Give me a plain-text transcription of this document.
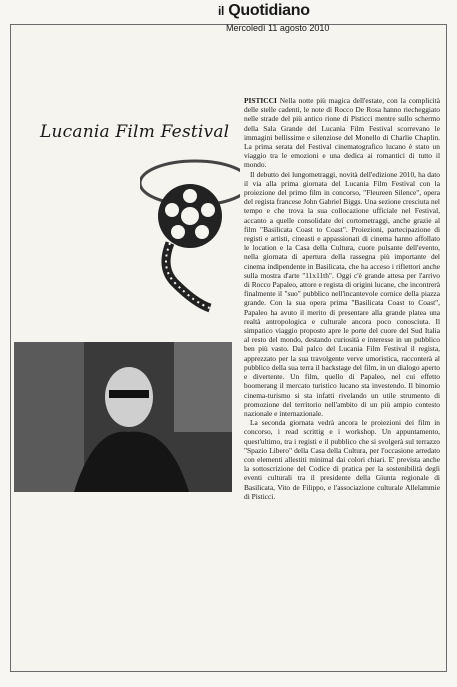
il Quotidiano
Mercoledì 11 agosto 2010
Lucania Film Festival

PISTICCI Nella notte più magica dell'estate, con la complicità delle stelle cadenti, le note di Rocco De Rosa hanno riecheggiato nelle strade del più antico rione di Pisticci mentre sullo schermo della Sala Grande del Lucania Film Festival scorrevano le immagini bellissime e silenziose del Monello di Charlie Chaplin. La prima serata del Festival cinematografico lucano è stato un viaggio tra le emozioni e una dedica ai romantici di tutto il mondo.

Il debutto dei lungometraggi, novità dell'edizione 2010, ha dato il via alla prima giornata del Lucania Film Festival con la proiezione del primo film in concorso, "Fleureen Silence", opera del regista francese John Gabriel Biggs. Una sezione cresciuta nel tempo e che trova la sua collocazione ufficiale nel Festival, accanto a quelle consolidate dei cortometraggi, anche grazie al film "Basilicata Coast to Coast". Proiezioni, partecipazione di registi e artisti, cineasti e appassionati di cinema hanno affollato le location e la Casa della Cultura, cuore pulsante dell'evento, nella giornata di apertura della rassegna più importante del cinema indipendente in Basilicata, che ha acceso i riflettori anche sulla mostra d'arte "11x11th". Oggi c'è grande attesa per l'arrivo di Rocco Papaleo, attore e regista di origini lucane, che incontrerà finalmente il "suo" pubblico nell'incantevole cornice della piazza grande. Con la sua opera prima "Basilicata Coast to Coast", Papaleo ha avuto il merito di presentare alla grande platea una realtà antropologica e culturale ancora poco conosciuta. Il simpatico viaggio proposto apre le porte del cuore del Sud Italia al resto del mondo, destando curiosità e interesse in un pubblico ben più vasto. Dal palco del Lucania Film Festival il regista, apprezzato per la sua travolgente verve umoristica, racconterà al pubblico della sua terra il backstage del film, in un dialogo aperto e divertente. Un film, quello di Papaleo, nel cui effetto boomerang il mercato turistico lucano sta investendo. Il binomio cinema-turismo si sta infatti rivelando un utile strumento di promozione del territorio nell'ambito di un più ampio contesto nazionale e internazionale.

La seconda giornata vedrà ancora le proiezioni dei film in concorso, i read scrittig e i workshop. Un appuntamento, quest'ultimo, tra i registi e il pubblico che si svolgerà sul terrazzo "Spazio Libero" della Casa della Cultura, per l'occasione arredato con elementi allestiti minimal dai colori chiari. E' prevista anche la sottoscrizione del Codice di pratica per la sostenibilità degli eventi culturali tra il presidente della Giunta regionale di Basilicata, Vito de Filippo, e l'associazione culturale Allelammie di Pisticci.
